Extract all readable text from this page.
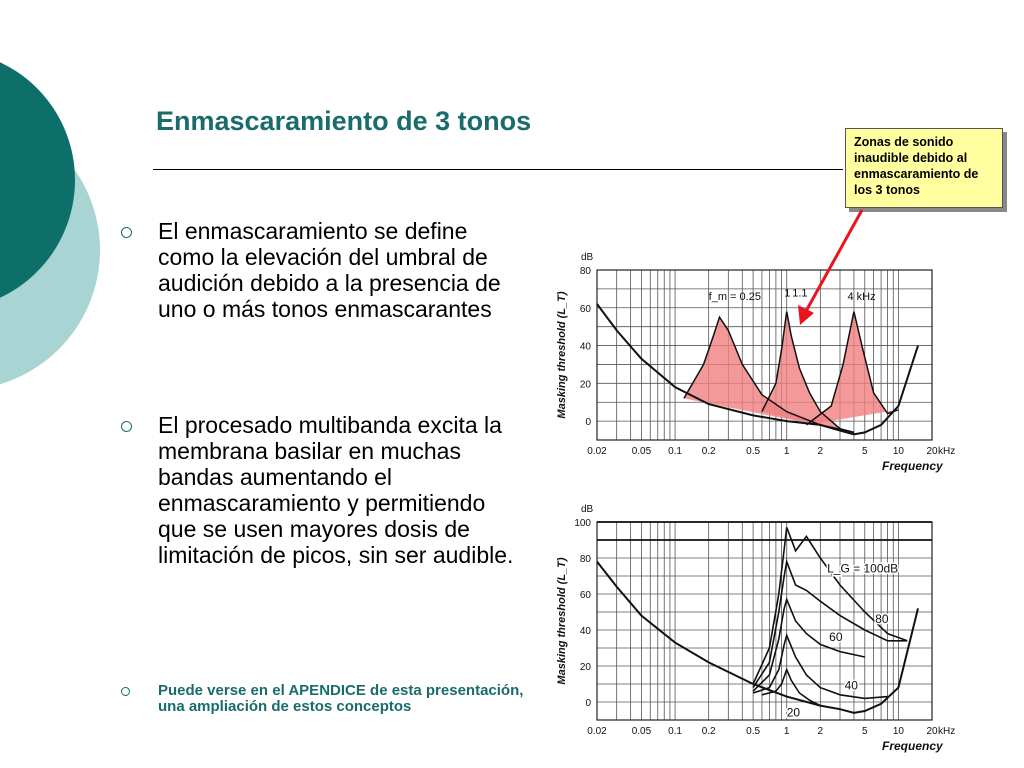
Enmascaramiento de 3 tonos
El enmascaramiento se define como la elevación del umbral de audición debido a la presencia de uno o más tonos enmascarantes
El procesado multibanda excita la membrana basilar en muchas bandas aumentando el enmascaramiento y permitiendo que se usen mayores dosis de limitación de picos, sin ser audible.
Puede verse en el APENDICE de esta presentación, una ampliación de estos conceptos
Zonas de sonido inaudible debido al enmascaramiento de los 3 tonos
0.02 0.05 0.1 0.2	0.5 1	2	5	10 20 kHz
0
20
40
60
80
dB
Frequency
Masking threshold (L_T)	f_m = 0.25 1 1.1	4 kHz
0.02 0.05 0.1 0.2	0.5 1	2	5	10 20 kHz
0
20
40
60
80
100
dB
Frequency
Masking threshold (L_T)	80
60
40
20
L_G = 100dB
